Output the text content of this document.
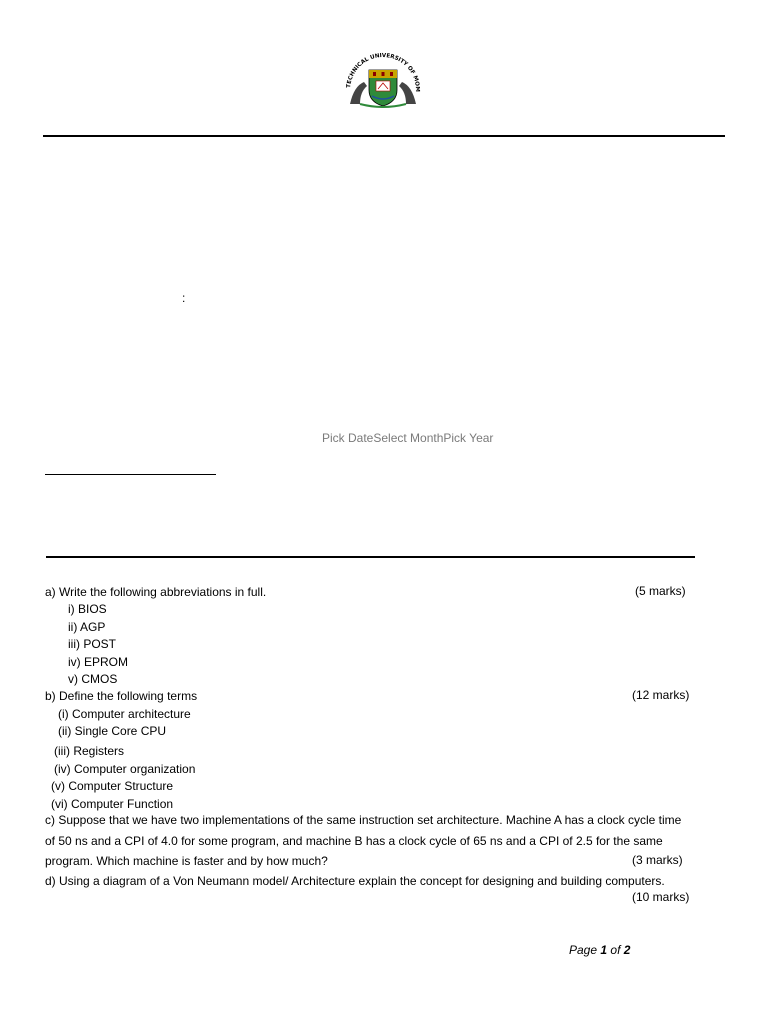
TECHNICAL UNIVERSITY OF MOM
:
Pick DateSelect MonthPick Year
a) Write the following abbreviations in full.	(5 marks)
i) BIOS
ii) AGP
iii) POST
iv) EPROM
v) CMOS
b) Define the following terms	(12 marks)
(i) Computer architecture
(ii) Single Core CPU
(iii) Registers
(iv) Computer organization
(v) Computer Structure
(vi) Computer Function
c) Suppose that we have two implementations of the same instruction set architecture. Machine A has a clock cycle time
of 50 ns and a CPI of 4.0 for some program, and machine B has a clock cycle of 65 ns and a CPI of 2.5 for the same
program. Which machine is faster and by how much?	(3 marks)
d) Using a diagram of a Von Neumann model/ Architecture explain the concept for designing and building computers.
(10 marks)
Page 1 of 2
